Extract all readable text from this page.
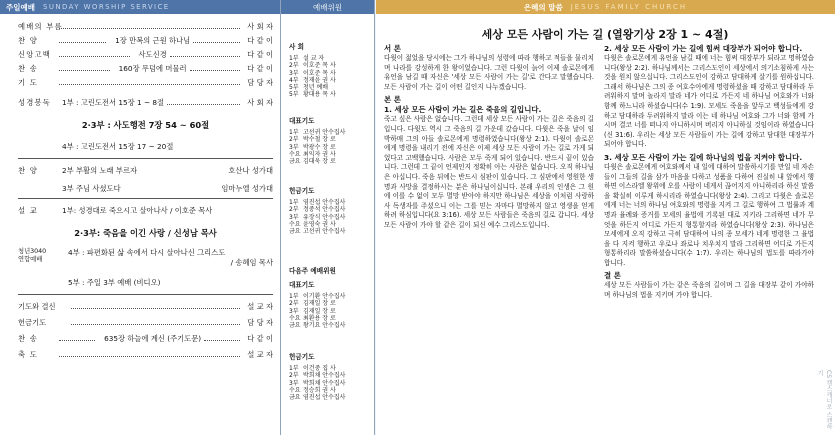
주일예배 SUNDAY WORSHIP SERVICE
예배의 부름	사 회 자
찬 양	1장 만복의 근원 하나님	다 같 이
신앙고백	사도신경	다 같 이
찬 송	160장 무덤에 머물러	다 같 이
기 도	담 당 자
성경봉독	1부 : 고린도전서 15장 1 ~ 8절	사 회 자
2·3부 : 사도행전 7장 54 ~ 60절
4부 : 고린도전서 15장 17 ~ 20절
찬 양	2부 부활의 노래 부르자	호산나 성가대
3부 주님 사셨도다	임마누엘 성가대
설 교	1부: 성경대로 죽으시고 살아나사 / 이호준 목사
2·3부: 죽음을 이긴 사랑 / 신성남 목사
청년3040
연합예배
4부 : 파편화된 삶 속에서 다시 살아나신 그리스도

/ 송혜임 목사
5부 : 주일 3부 예배 (비디오)
기도와 결신	설 교 자
헌금기도	담 당 자
찬 송	635장 하늘에 계신 (주기도문)	다 같 이
축 도	설 교 자
예배위원
사 회
1부 설 교 자
2부 이호준 목 사
3부 이호준 목 사
4부 정재윤 권 사
5부 청년 예배
5부 황대용 목 사
대표기도
1부 고선귀 안수집사
2부 박수철 장 로
3부 박광수 장 로
수요 최익자 권 사
금요 김대욱 장 로
헌금기도
1부 염진섭 안수집사
2부 정중석 안수집사
3부 유장식 안수집사
수요 윤영숙 권 사
금요 고선귀 안수집사
다음주 예배위원
대표기도
1부 이기환 안수집사
2부 김재일 장 로
3부 김재일 장 로
수요 최환용 장 로
금요 왕기요 안수집사
헌금기도
1부 이건중 집 사
2부 박희채 안수집사
3부 박희채 안수집사
수요 정승희 권 사
금요 염진섭 안수집사
은혜의 말씀 JESUS FAMILY CHURCH
세상 모든 사람이 가는 길 (열왕기상 2장 1 ~ 4절)
서 론

다윗이 젊었을 당시에는 그가 하나님의 성령에 따라 행하고 적들을 물리치며 나라를 강성하게 한 왕이었습니다. 그런 다윗이 늙어 이제 솔로몬에게 유언을 남길 때 자신은 '세상 모든 사람이 가는 길'로 간다고 말했습니다. 모든 사람이 가는 길이 어떤 길인지 나누겠습니다.

본 론
1. 세상 모든 사람이 가는 길은 죽음의 길입니다.

죽고 싶은 사람은 없습니다. 그런데 세상 모든 사람이 가는 길은 죽음의 길입니다. 다윗도 역시 그 죽음의 길 가운데 갔습니다. 다윗은 죽을 날이 임박하매 그의 아들 솔로몬에게 명령하였습니다(왕상 2:1). 다윗이 솔로몬에게 명령을 내리기 전에 자신은 이제 세상 모든 사람이 가는 길로 가게 되었다고 고백했습니다. 사람은 모두 죽게 되어 있습니다. 반드시 끝이 있습니다. 그런데 그 끝이 언제인지 정확히 아는 사람은 없습니다. 오직 하나님은 아십니다. 죽음 뒤에는 반드시 심판이 있습니다. 그 심판에서 영원한 생명과 사망을 결정하시는 분은 하나님이십니다. 본래 우리의 인생은 그 원에 이를 수 없이 모두 멸망 받아야 하지만 하나님은 세상을 이처럼 사랑하사 독생자를 주셨으니 이는 그를 믿는 자마다 멸망하지 않고 영생을 얻게 하려 하심입니다(요 3:16). 세상 모든 사람들은 죽음의 길로 갑니다. 세상 모든 사람이 가야 할 같은 길이 되신 예수 그리스도입니다.

2. 세상 모든 사람이 가는 길에 힘써 대장부가 되어야 합니다.

다윗은 솔로몬에게 유언을 남길 때에 너는 힘써 대장부가 되라고 명하였습니다(왕상 2:2). 하나님께서는 그리스도인이 세상에서 의기소침하게 사는 것을 원치 않으십니다. 그리스도인이 강하고 담대하게 살기를 원하십니다. 그래서 하나님은 그의 종 여호수아에게 명령하셨을 때 강하고 담대하라 두려워하지 말며 놀라지 말라 네가 어디로 가든지 네 하나님 여호와가 너와 함께 하느니라 하셨습니다(수 1:9). 모세도 죽음을 앞두고 백성들에게 강하고 담대하라 두려워하지 말라 이는 네 하나님 여호와 그가 너와 함께 가시며 결코 너를 떠나지 아니하시며 버리지 아니하실 것임이라 하였습니다(신 31:6). 우리는 세상 모든 사람들이 가는 길에 강하고 담대한 대장부가 되어야 합니다.

3. 세상 모든 사람이 가는 길에 하나님의 법을 지켜야 합니다.

다윗은 솔로몬에게 여호와께서 내 일에 대하여 말씀하시기를 만일 네 자손들이 그들의 길을 삼가 마음을 다하고 성품을 다하여 진실히 내 앞에서 행하면 이스라엘 왕위에 오를 사람이 네게서 끊어지지 아니하리라 하신 말씀을 확실히 이루게 하시리라 하였습니다(왕상 2:4). 그리고 다윗은 솔로몬에게 너는 너의 하나님 여호와의 명령을 지켜 그 길로 행하여 그 법률과 계명과 율례와 증거를 모세의 율법에 기록된 대로 지키라 그리하면 네가 무엇을 하든지 어디로 가든지 형통할지라 하였습니다(왕상 2:3). 하나님은 모세에게 오직 강하고 극히 담대하여 나의 종 모세가 네게 명령한 그 율법을 다 지켜 행하고 우로나 좌로나 치우치지 말라 그리하면 어디로 가든지 형통하리라 말씀하셨습니다(수 1:7). 우리는 하나님의 법도를 따라가야 합니다.

결 론

세상 모든 사람들이 가는 같은 죽음의 길이며 그 길을 대장부 같이 가야하며 하나님의 법을 지키며 가야 합니다.

CS 캠스캐너로 스캔하기
